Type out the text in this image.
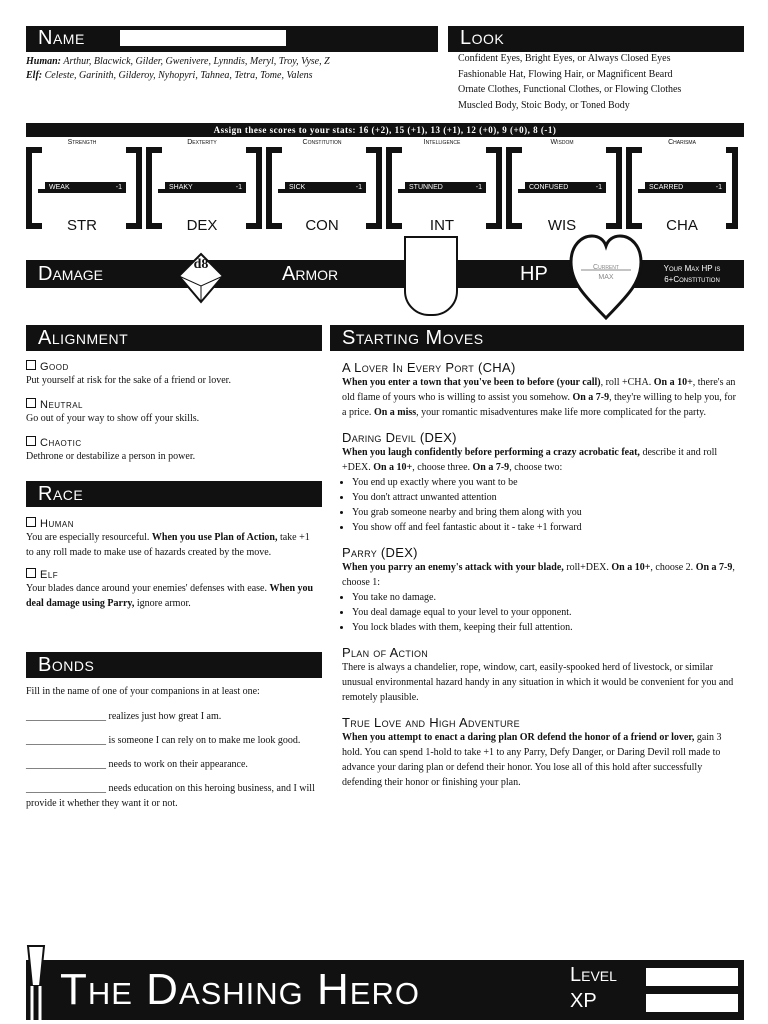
Name
Human: Arthur, Blacwick, Gilder, Gwenivere, Lynndis, Meryl, Troy, Vyse, Z
Elf: Celeste, Garinith, Gilderoy, Nyhopyri, Tahnea, Tetra, Tome, Valens
Look
Confident Eyes, Bright Eyes, or Always Closed Eyes
Fashionable Hat, Flowing Hair, or Magnificent Beard
Ornate Clothes, Functional Clothes, or Flowing Clothes
Muscled Body, Stoic Body, or Toned Body
Assign these scores to your stats: 16 (+2), 15 (+1), 13 (+1), 12 (+0), 9 (+0), 8 (-1)
Strength
WEAK	-1
STR
Dexterity
SHAKY	-1
DEX
Constitution
SICK	-1
CON
Intelligence
STUNNED	-1
INT
Wisdom
CONFUSED	-1
WIS
Charisma
SCARRED	-1
CHA
Damage	d8	Armor	HP	Current
MAX
Your Max HP is
6+Constitution
Alignment
Good
Put yourself at risk for the sake of a friend or lover.
Neutral
Go out of your way to show off your skills.
Chaotic
Dethrone or destabilize a person in power.
Race
Human
You are especially resourceful. When you use Plan of Action, take +1 to any roll made to make use of hazards created by the move.
Elf
Your blades dance around your enemies' defenses with ease. When you deal damage using Parry, ignore armor.
Bonds
Fill in the name of one of your companions in at least one:
________________ realizes just how great I am.
________________ is someone I can rely on to make me look good.
________________ needs to work on their appearance.
________________ needs education on this heroing business, and I will provide it whether they want it or not.
Starting Moves
A Lover In Every Port (CHA)
When you enter a town that you've been to before (your call), roll +CHA. On a 10+, there's an old flame of yours who is willing to assist you somehow. On a 7-9, they're willing to help you, for a price. On a miss, your romantic misadventures make life more complicated for the party.
Daring Devil (DEX)
When you laugh confidently before performing a crazy acrobatic feat, describe it and roll +DEX. On a 10+, choose three. On a 7-9, choose two:
• You end up exactly where you want to be
• You don't attract unwanted attention
• You grab someone nearby and bring them along with you
• You show off and feel fantastic about it - take +1 forward
Parry (DEX)
When you parry an enemy's attack with your blade, roll+DEX. On a 10+, choose 2. On a 7-9, choose 1:
• You take no damage.
• You deal damage equal to your level to your opponent.
• You lock blades with them, keeping their full attention.
Plan of Action
There is always a chandelier, rope, window, cart, easily-spooked herd of livestock, or similar unusual environmental hazard handy in any situation in which it would be convenient for you and remotely plausible.
True Love and High Adventure
When you attempt to enact a daring plan OR defend the honor of a friend or lover, gain 3 hold. You can spend 1-hold to take +1 to any Parry, Defy Danger, or Daring Devil roll made to advance your daring plan or defend their honor. You lose all of this hold after successfully defending their honor or finishing your plan.
The Dashing Hero	Level
XP
